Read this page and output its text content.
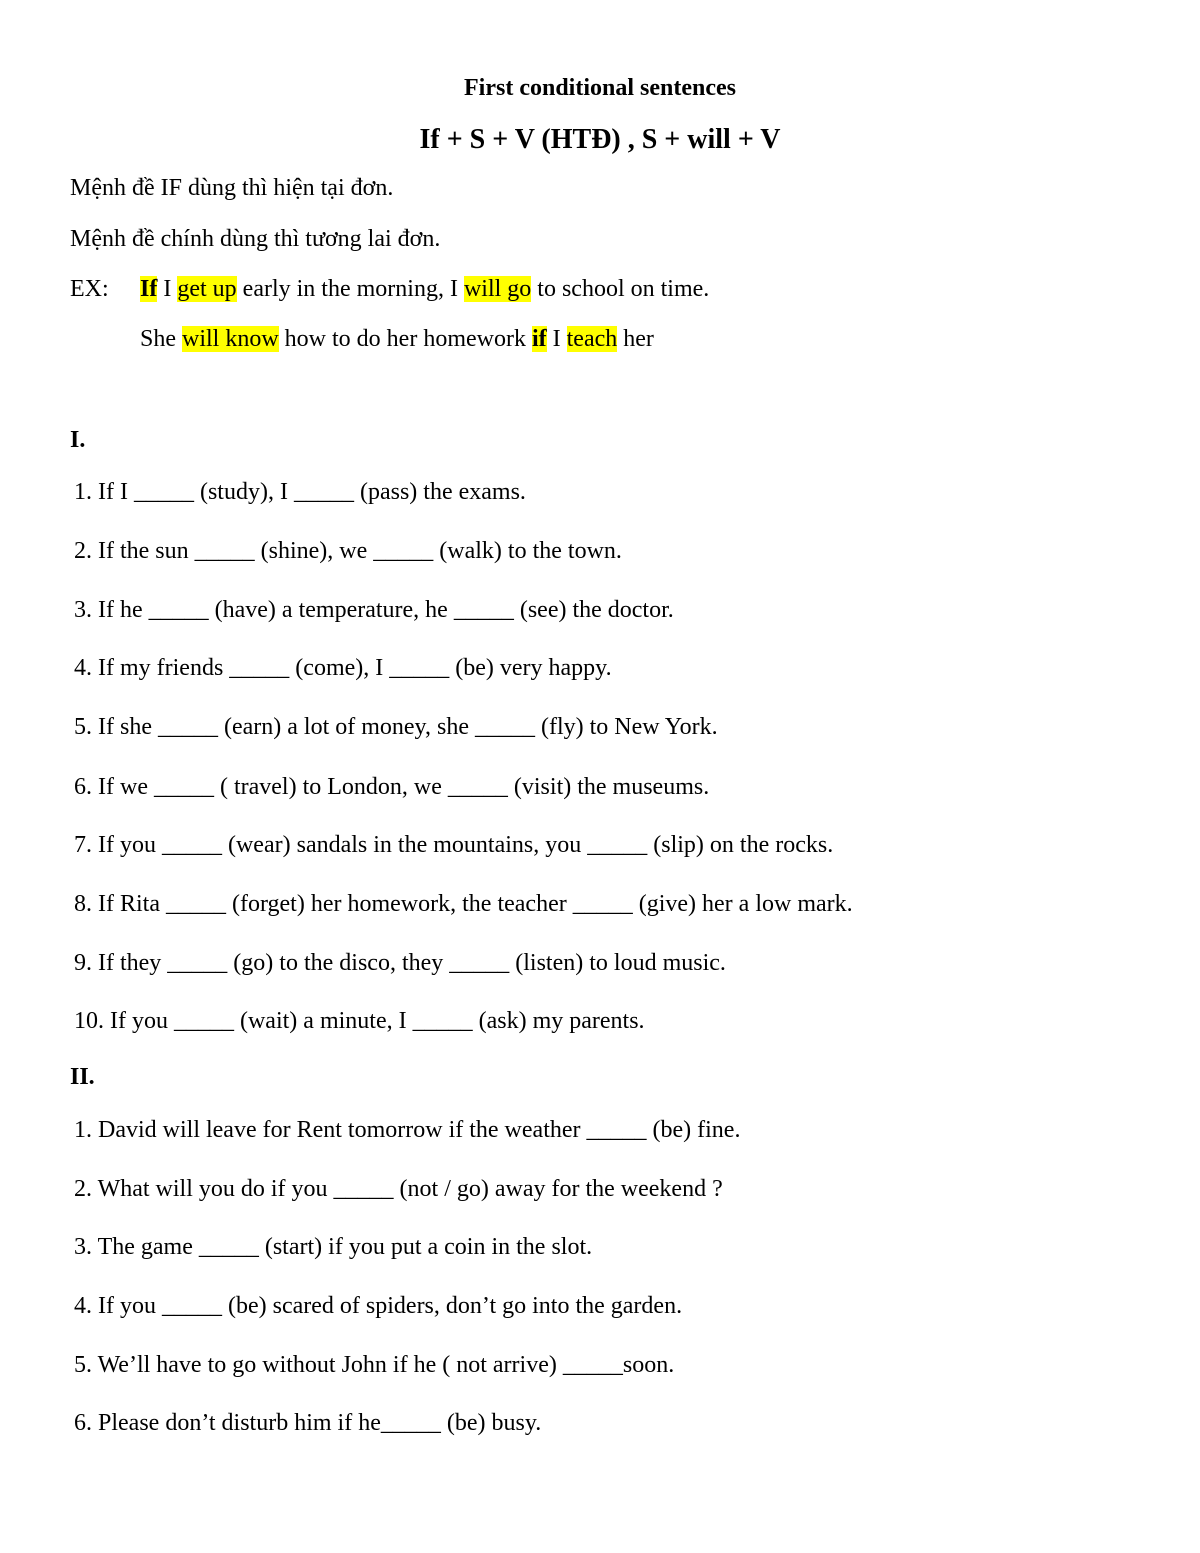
First conditional sentences
If + S + V (HTĐ) , S + will + V
Mệnh đề IF dùng thì hiện tại đơn.
Mệnh đề chính dùng thì tương lai đơn.
EX: If I get up early in the morning, I will go to school on time.
She will know how to do her homework if I teach her
I.
1. If I _____ (study), I _____ (pass) the exams.
2. If the sun _____ (shine), we _____ (walk) to the town.
3. If he _____ (have) a temperature, he _____ (see) the doctor.
4. If my friends _____ (come), I _____ (be) very happy.
5. If she _____ (earn) a lot of money, she _____ (fly) to New York.
6. If we _____ ( travel) to London, we _____ (visit) the museums.
7. If you _____ (wear) sandals in the mountains, you _____ (slip) on the rocks.
8. If Rita _____ (forget) her homework, the teacher _____ (give) her a low mark.
9. If they _____ (go) to the disco, they _____ (listen) to loud music.
10. If you _____ (wait) a minute, I _____ (ask) my parents.
II.
1. David will leave for Rent tomorrow if the weather _____ (be) fine.
2. What will you do if you _____ (not / go) away for the weekend ?
3. The game _____ (start) if you put a coin in the slot.
4. If you _____ (be) scared of spiders, don’t go into the garden.
5. We’ll have to go without John if he ( not arrive) _____soon.
6. Please don’t disturb him if he_____ (be) busy.
